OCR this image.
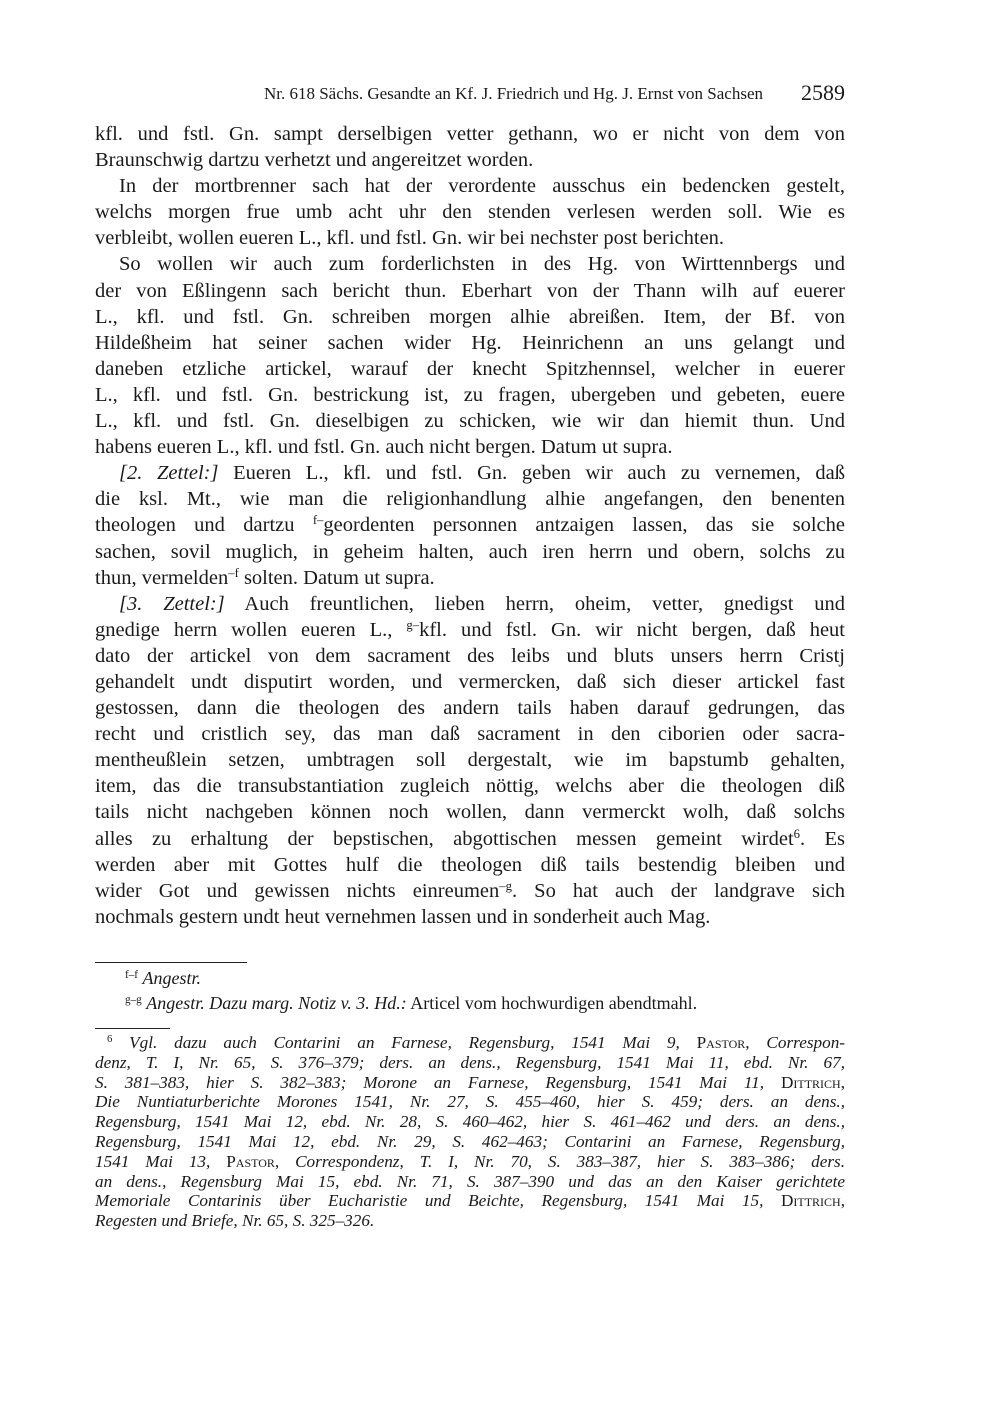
Nr. 618 Sächs. Gesandte an Kf. J. Friedrich und Hg. J. Ernst von Sachsen 2589
kfl. und fstl. Gn. sampt derselbigen vetter gethann, wo er nicht von dem von
Braunschwig dartzu verhetzt und angereitzet worden.
In der mortbrenner sach hat der verordente ausschus ein bedencken gestelt,
welchs morgen frue umb acht uhr den stenden verlesen werden soll. Wie es
verbleibt, wollen eueren L., kfl. und fstl. Gn. wir bei nechster post berichten.
So wollen wir auch zum forderlichsten in des Hg. von Wirttennbergs und
der von Eßlingenn sach bericht thun. Eberhart von der Thann wilh auf euerer
L., kfl. und fstl. Gn. schreiben morgen alhie abreißen. Item, der Bf. von
Hildeßheim hat seiner sachen wider Hg. Heinrichenn an uns gelangt und
daneben etzliche artickel, warauf der knecht Spitzhennsel, welcher in euerer
L., kfl. und fstl. Gn. bestrickung ist, zu fragen, ubergeben und gebeten, euere
L., kfl. und fstl. Gn. dieselbigen zu schicken, wie wir dan hiemit thun. Und
habens eueren L., kfl. und fstl. Gn. auch nicht bergen. Datum ut supra.
[2. Zettel:] Eueren L., kfl. und fstl. Gn. geben wir auch zu vernemen, daß
die ksl. Mt., wie man die religionhandlung alhie angefangen, den benenten
theologen und dartzu $^{f-}$geordenten personnen antzaigen lassen, das sie solche
sachen, sovil muglich, in geheim halten, auch iren herrn und obern, solchs zu
thun, vermelden$^{-f}$ solten. Datum ut supra.
[3. Zettel:] Auch freuntlichen, lieben herrn, oheim, vetter, gnedigst und
gnedige herrn wollen eueren L., $^{g-}$kfl. und fstl. Gn. wir nicht bergen, daß heut
dato der artickel von dem sacrament des leibs und bluts unsers herrn Cristj
gehandelt undt disputirt worden, und vermercken, daß sich dieser artickel fast
gestossen, dann die theologen des andern tails haben darauf gedrungen, das
recht und cristlich sey, das man daß sacrament in den ciborien oder sacra-
mentheußlein setzen, umbtragen soll dergestalt, wie im bapstumb gehalten,
item, das die transubstantiation zugleich nöttig, welchs aber die theologen diß
tails nicht nachgeben können noch wollen, dann vermerckt wolh, daß solchs
alles zu erhaltung der bepstischen, abgottischen messen gemeint wirdet$^6$. Es
werden aber mit Gottes hulf die theologen diß tails bestendig bleiben und
wider Got und gewissen nichts einreumen$^{-g}$. So hat auch der landgrave sich
nochmals gestern undt heut vernehmen lassen und in sonderheit auch Mag.
$^{f-f}$ Angestr.
$^{g-g}$ Angestr. Dazu marg. Notiz v. 3. Hd.: Articel vom hochwurdigen abendtmahl.
$^6$ Vgl. dazu auch Contarini an Farnese, Regensburg, 1541 Mai 9, Pastor, Correspon-
denz, T. I, Nr. 65, S. 376–379; ders. an dens., Regensburg, 1541 Mai 11, ebd. Nr. 67,
S. 381–383, hier S. 382–383; Morone an Farnese, Regensburg, 1541 Mai 11, Dittrich,
Die Nuntiaturberichte Morones 1541, Nr. 27, S. 455–460, hier S. 459; ders. an dens.,
Regensburg, 1541 Mai 12, ebd. Nr. 28, S. 460–462, hier S. 461–462 und ders. an dens.,
Regensburg, 1541 Mai 12, ebd. Nr. 29, S. 462–463; Contarini an Farnese, Regensburg,
1541 Mai 13, Pastor, Correspondenz, T. I, Nr. 70, S. 383–387, hier S. 383–386; ders.
an dens., Regensburg Mai 15, ebd. Nr. 71, S. 387–390 und das an den Kaiser gerichtete
Memoriale Contarinis über Eucharistie und Beichte, Regensburg, 1541 Mai 15, Dittrich,
Regesten und Briefe, Nr. 65, S. 325–326.
